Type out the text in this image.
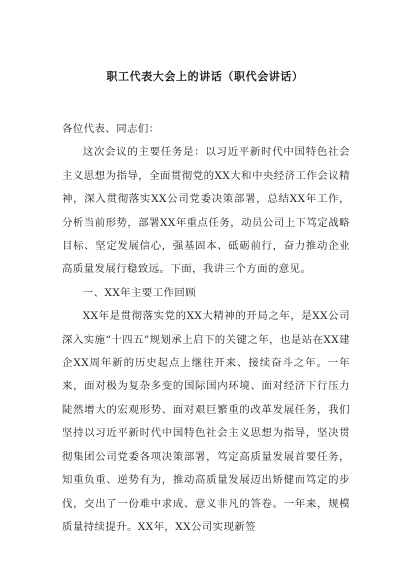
职工代表大会上的讲话（职代会讲话）

各位代表、同志们：

这次会议的主要任务是：以习近平新时代中国特色社会主义思想为指导，全面贯彻党的XX大和中央经济工作会议精神，深入贯彻落实XX公司党委决策部署，总结XX年工作，分析当前形势，部署XX年重点任务，动员公司上下笃定战略目标、坚定发展信心，强基固本、砥砺前行，奋力推动企业高质量发展行稳致远。下面，我讲三个方面的意见。

一、XX年主要工作回顾

XX年是贯彻落实党的XX大精神的开局之年，是XX公司深入实施“十四五”规划承上启下的关键之年，也是站在XX建企XX周年新的历史起点上继往开来、接续奋斗之年。一年来，面对极为复杂多变的国际国内环境、面对经济下行压力陡然增大的宏观形势、面对艰巨繁重的改革发展任务，我们坚持以习近平新时代中国特色社会主义思想为指导，坚决贯彻集团公司党委各项决策部署，笃定高质量发展首要任务，知重负重、逆势有为，推动高质量发展迈出矫健而笃定的步伐，交出了一份难中求成、意义非凡的答卷。一年来，规模质量持续提升。XX年，XX公司实现新签
